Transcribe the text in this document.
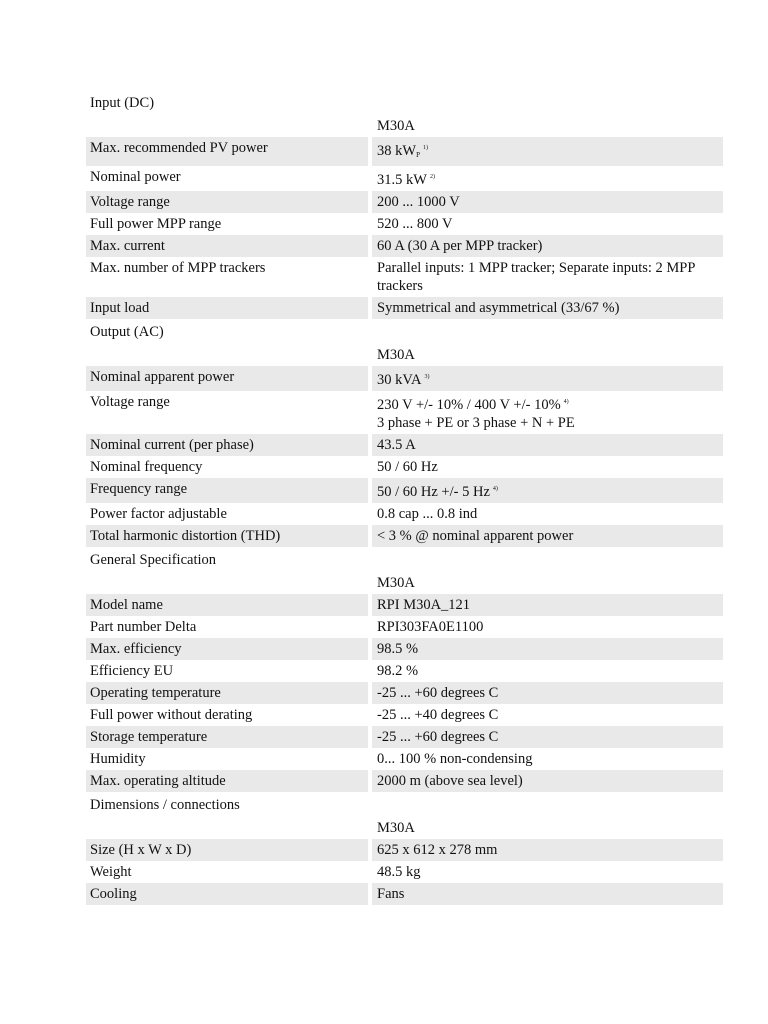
Input (DC)
M30A
Max. recommended PV power	38 $kW_P^{1)}$
Nominal power	31.5 kW $^{2)}$
Voltage range	200 ... 1000 V
Full power MPP range	520 ... 800 V
Max. current	60 A (30 A per MPP tracker)
Max. number of MPP trackers	Parallel inputs: 1 MPP tracker; Separate inputs: 2 MPP trackers
Input load	Symmetrical and asymmetrical (33/67 %)
Output (AC)
M30A
Nominal apparent power	30 kVA $^{3)}$
Voltage range	230 V +/- 10% / 400 V +/- 10% $^{4)}$
3 phase + PE or 3 phase + N + PE
Nominal current (per phase)	43.5 A
Nominal frequency	50 / 60 Hz
Frequency range	50 / 60 Hz +/- 5 Hz $^{4)}$
Power factor adjustable	0.8 cap ... 0.8 ind
Total harmonic distortion (THD)	< 3 % @ nominal apparent power
General Specification
M30A
Model name	RPI M30A_121
Part number Delta	RPI303FA0E1100
Max. efficiency	98.5 %
Efficiency EU	98.2 %
Operating temperature	-25 ... +60 degrees C
Full power without derating	-25 ... +40 degrees C
Storage temperature	-25 ... +60 degrees C
Humidity	0... 100 % non-condensing
Max. operating altitude	2000 m (above sea level)
Dimensions / connections
M30A
Size (H x W x D)	625 x 612 x 278 mm
Weight	48.5 kg
Cooling	Fans
